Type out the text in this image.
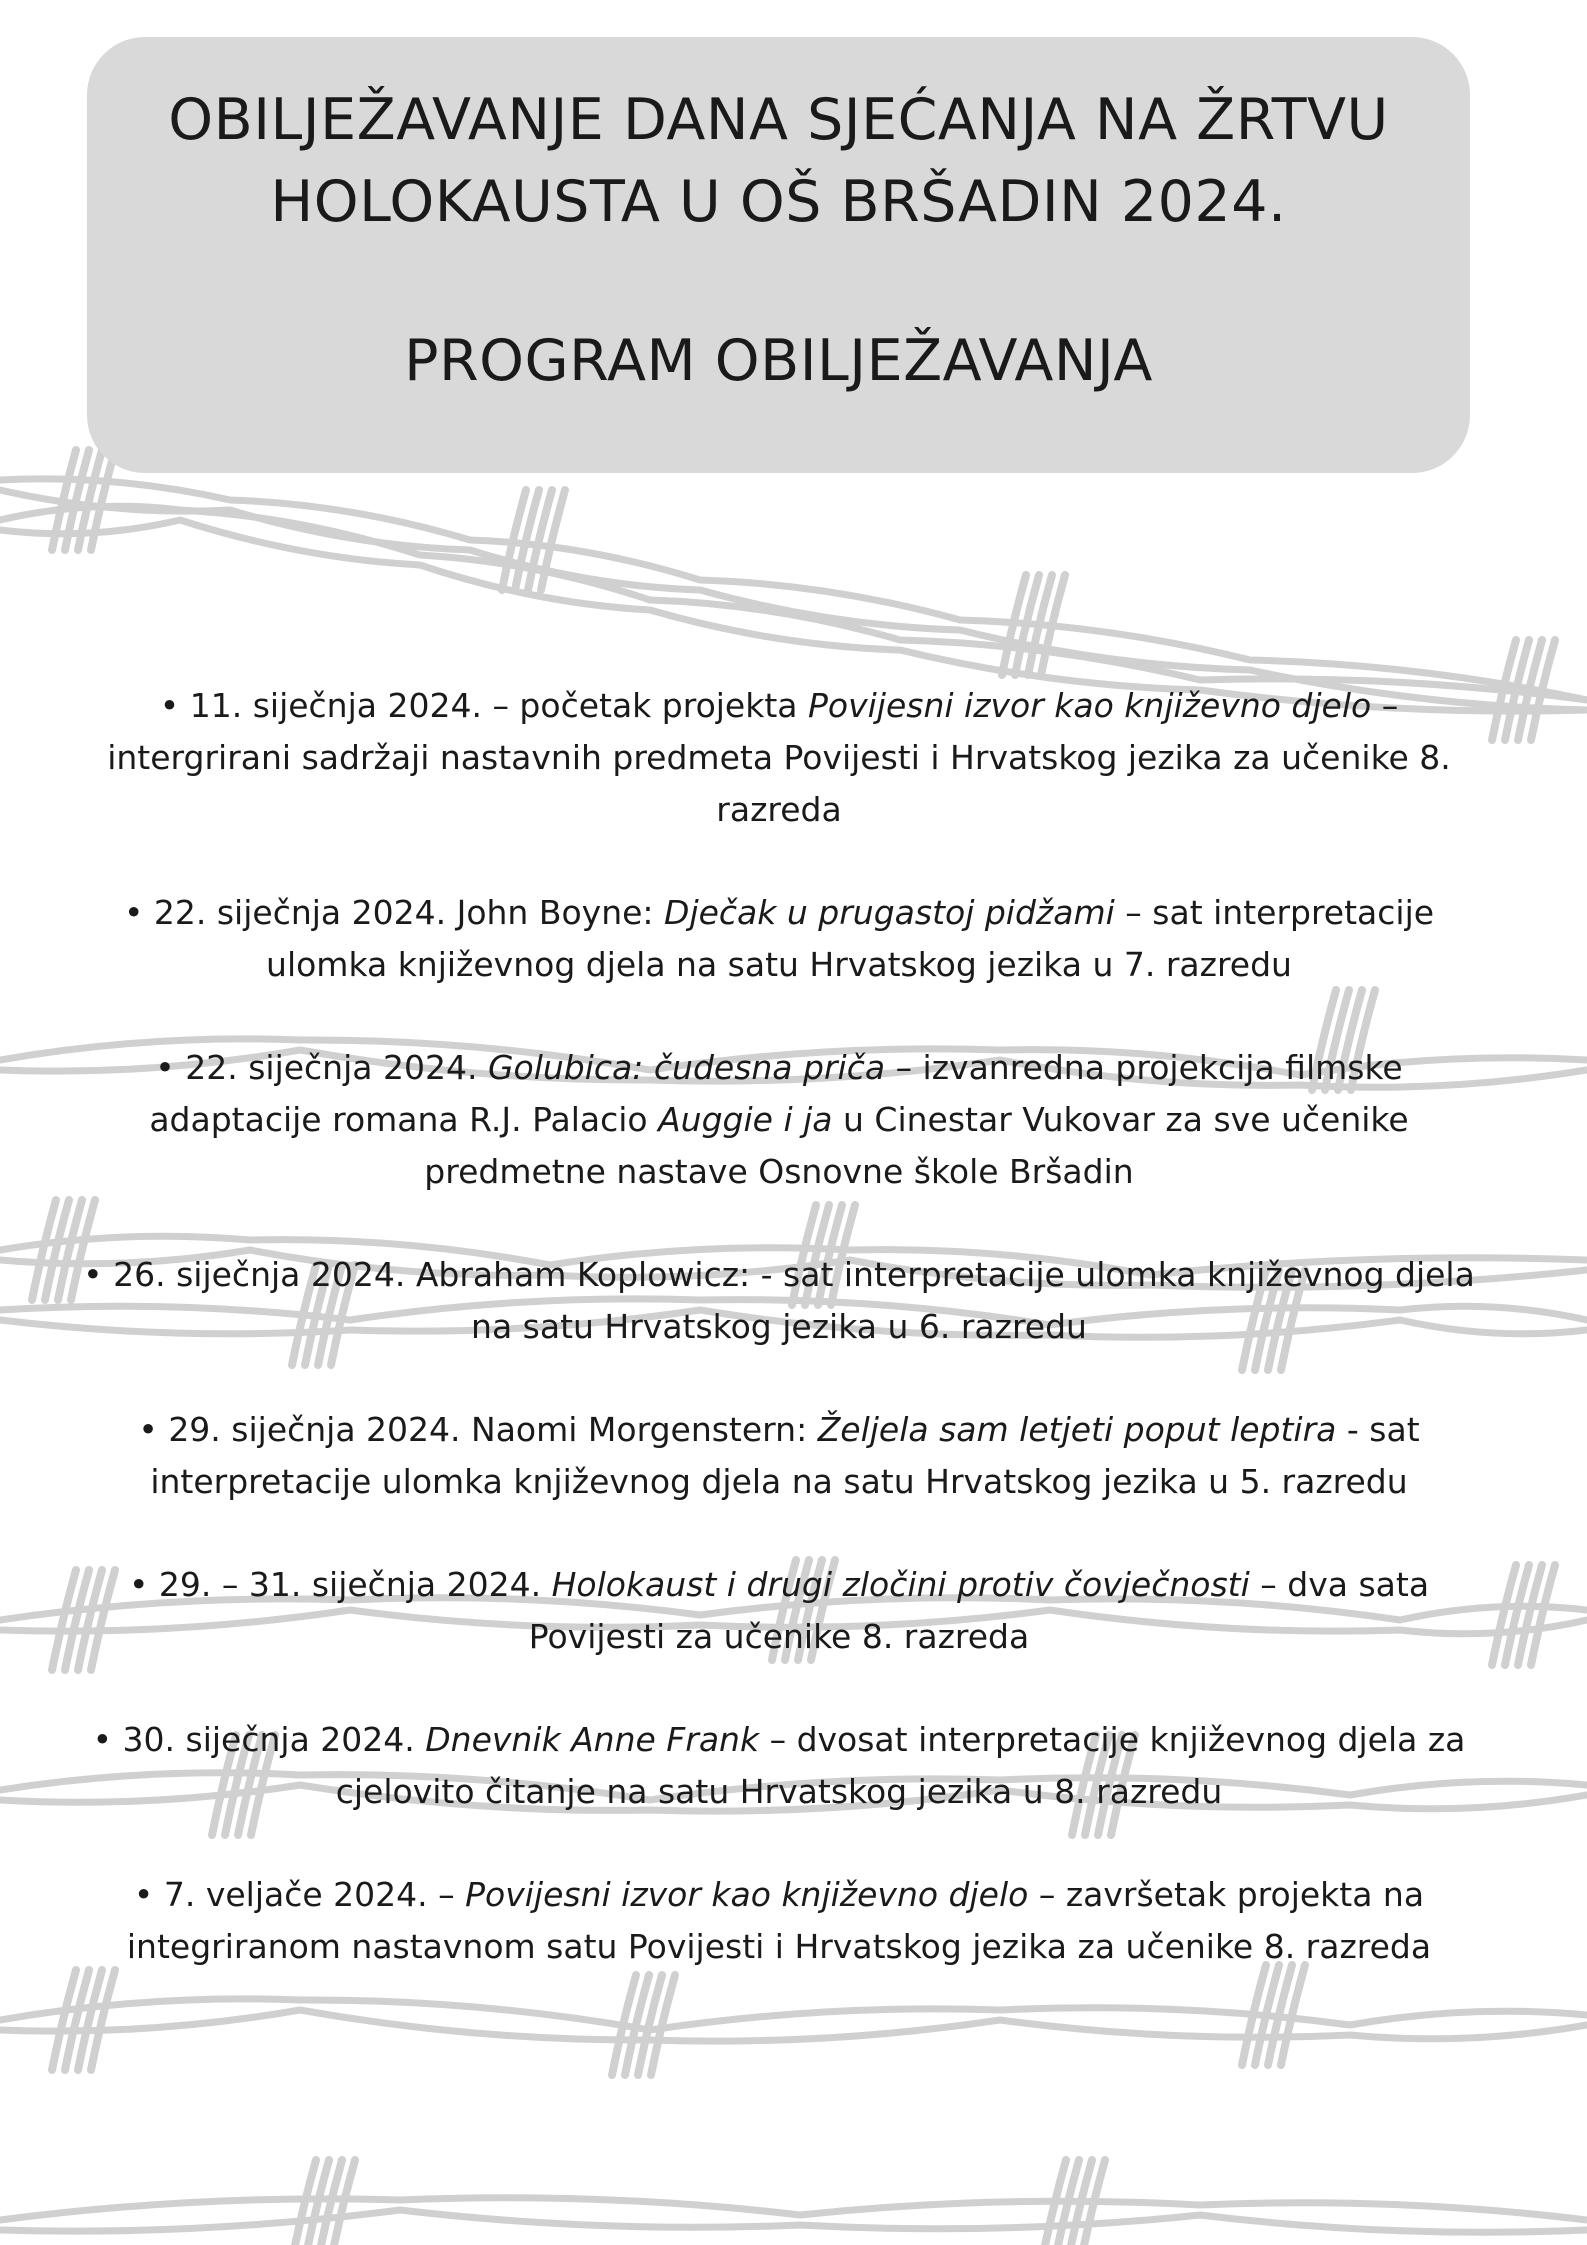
OBILJEŽAVANJE DANA SJEĆANJA NA ŽRTVU HOLOKAUSTA U OŠ BRŠADIN 2024.
PROGRAM OBILJEŽAVANJA
• 11. siječnja 2024. – početak projekta Povijesni izvor kao književno djelo – intergrirani sadržaji nastavnih predmeta Povijesti i Hrvatskog jezika za učenike 8. razreda
• 22. siječnja 2024. John Boyne: Dječak u prugastoj pidžami – sat interpretacije ulomka književnog djela na satu Hrvatskog jezika u 7. razredu
• 22. siječnja 2024. Golubica: čudesna priča – izvanredna projekcija filmske adaptacije romana R.J. Palacio Auggie i ja u Cinestar Vukovar za sve učenike predmetne nastave Osnovne škole Bršadin
• 26. siječnja 2024. Abraham Koplowicz: - sat interpretacije ulomka književnog djela na satu Hrvatskog jezika u 6. razredu
• 29. siječnja 2024. Naomi Morgenstern: Željela sam letjeti poput leptira - sat interpretacije ulomka književnog djela na satu Hrvatskog jezika u 5. razredu
• 29. – 31. siječnja 2024. Holokaust i drugi zločini protiv čovječnosti – dva sata Povijesti za učenike 8. razreda
• 30. siječnja 2024. Dnevnik Anne Frank – dvosat interpretacije književnog djela za cjelovito čitanje na satu Hrvatskog jezika u 8. razredu
• 7. veljače 2024. – Povijesni izvor kao književno djelo – završetak projekta na integriranom nastavnom satu Povijesti i Hrvatskog jezika za učenike 8. razreda
